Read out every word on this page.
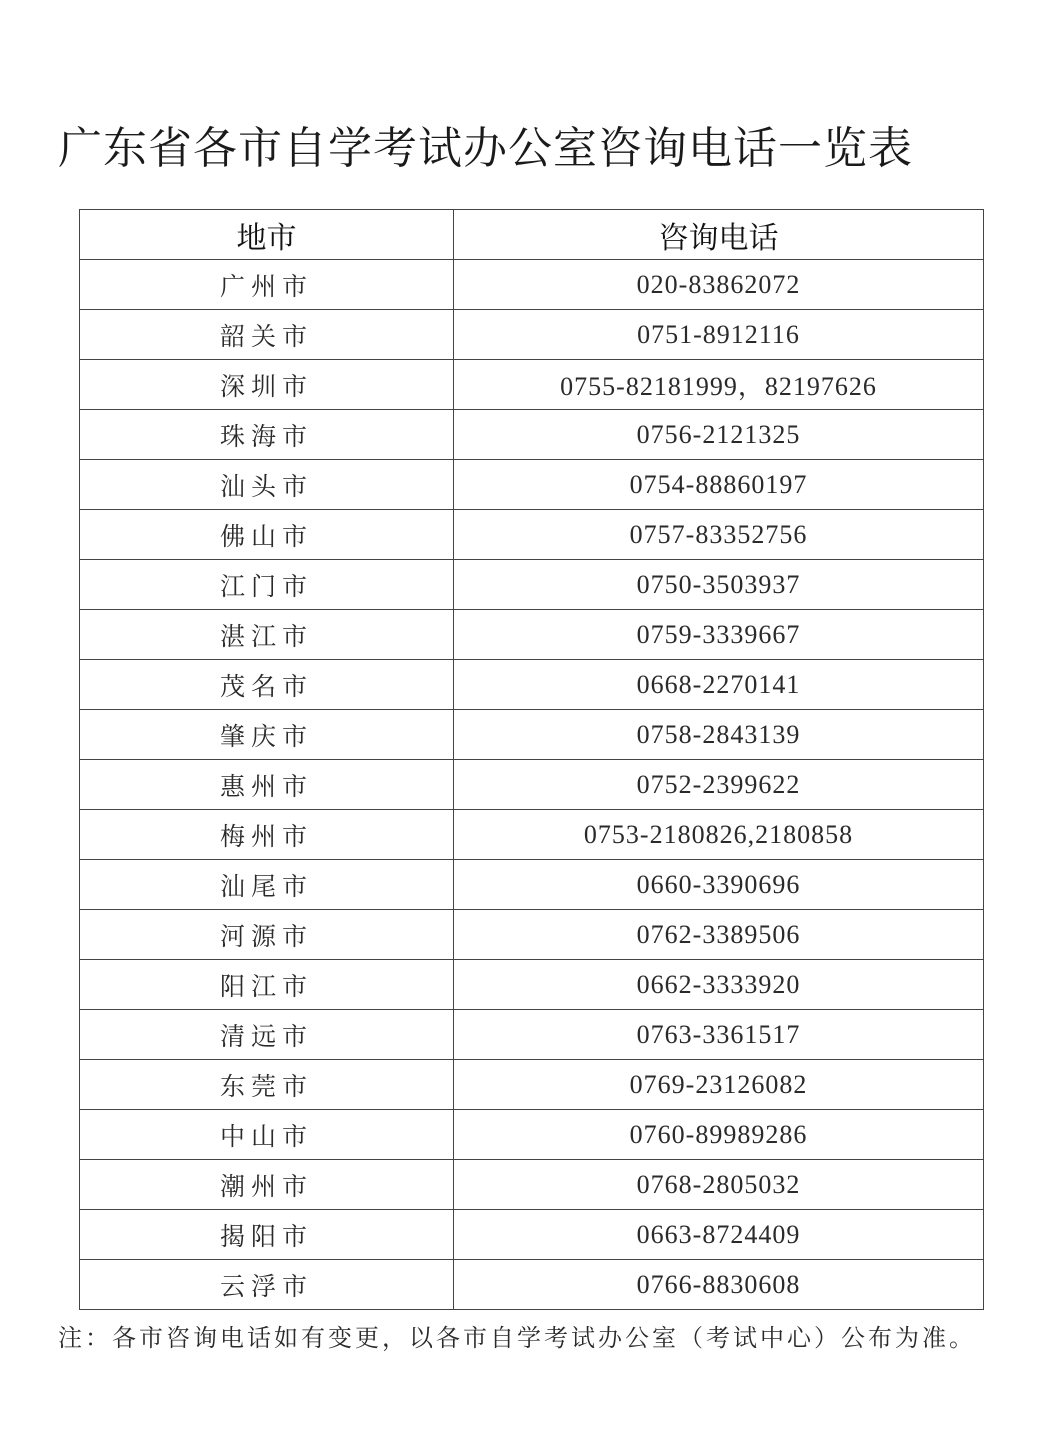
广东省各市自学考试办公室咨询电话一览表
地市	咨询电话
广州市	020-83862072
韶关市	0751-8912116
深圳市	0755-82181999，82197626
珠海市	0756-2121325
汕头市	0754-88860197
佛山市	0757-83352756
江门市	0750-3503937
湛江市	0759-3339667
茂名市	0668-2270141
肇庆市	0758-2843139
惠州市	0752-2399622
梅州市	0753-2180826,2180858
汕尾市	0660-3390696
河源市	0762-3389506
阳江市	0662-3333920
清远市	0763-3361517
东莞市	0769-23126082
中山市	0760-89989286
潮州市	0768-2805032
揭阳市	0663-8724409
云浮市	0766-8830608

注：各市咨询电话如有变更，以各市自学考试办公室（考试中心）公布为准。
